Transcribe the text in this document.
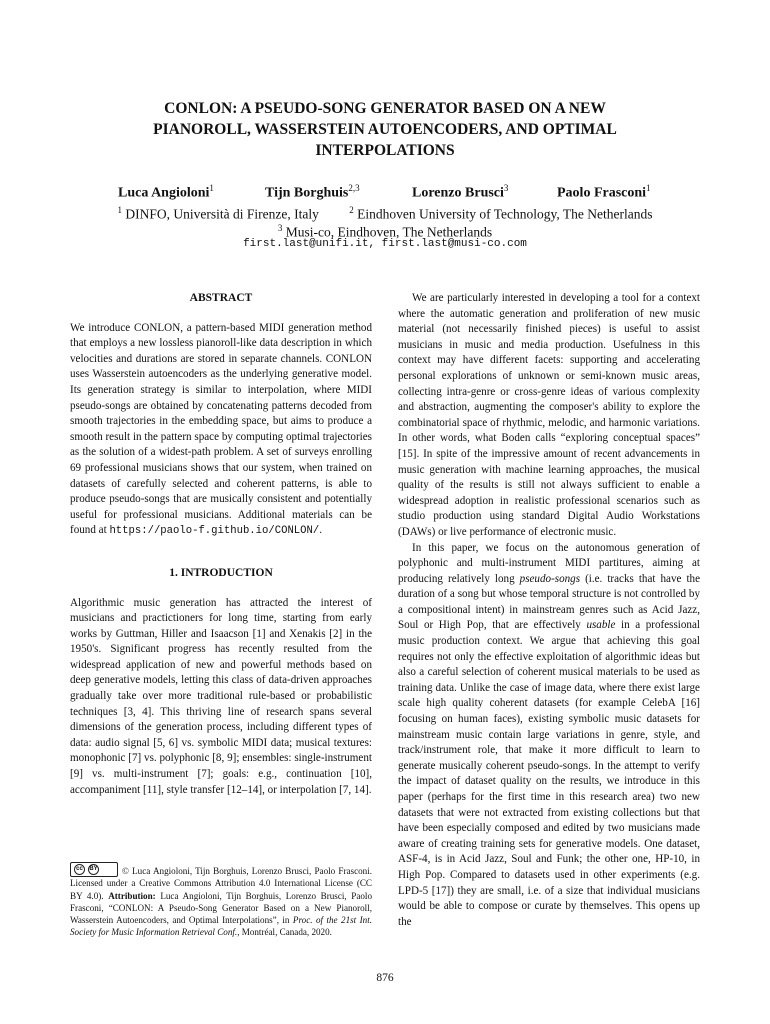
CONLON: A PSEUDO-SONG GENERATOR BASED ON A NEW
PIANOROLL, WASSERSTEIN AUTOENCODERS, AND OPTIMAL
INTERPOLATIONS
Luca Angioloni$^1$	Tijn Borghuis$^{2,3}$	Lorenzo Brusci$^3$	Paolo Frasconi$^1$
$^1$ DINFO, Università di Firenze, Italy	$^2$ Eindhoven University of Technology, The Netherlands
$^3$ Musi-co, Eindhoven, The Netherlands
first.last@unifi.it, first.last@musi-co.com
ABSTRACT

We introduce CONLON, a pattern-based MIDI generation method that employs a new lossless pianoroll-like data description in which velocities and durations are stored in separate channels. CONLON uses Wasserstein autoencoders as the underlying generative model. Its generation strategy is similar to interpolation, where MIDI pseudo-songs are obtained by concatenating patterns decoded from smooth trajectories in the embedding space, but aims to produce a smooth result in the pattern space by computing optimal trajectories as the solution of a widest-path problem. A set of surveys enrolling 69 professional musicians shows that our system, when trained on datasets of carefully selected and coherent patterns, is able to produce pseudo-songs that are musically consistent and potentially useful for professional musicians. Additional materials can be found at https://paolo-f.github.io/CONLON/.

1. INTRODUCTION

Algorithmic music generation has attracted the interest of musicians and practictioners for long time, starting from early works by Guttman, Hiller and Isaacson [1] and Xenakis [2] in the 1950's. Significant progress has recently resulted from the widespread application of new and powerful methods based on deep generative models, letting this class of data-driven approaches gradually take over more traditional rule-based or probabilistic techniques [3, 4]. This thriving line of research spans several dimensions of the generation process, including different types of data: audio signal [5, 6] vs. symbolic MIDI data; musical textures: monophonic [7] vs. polyphonic [8, 9]; ensembles: single-instrument [9] vs. multi-instrument [7]; goals: e.g., continuation [10], accompaniment [11], style transfer [12–14], or interpolation [7, 14].

cc	BY	© Luca Angioloni, Tijn Borghuis, Lorenzo Brusci, Paolo Frasconi. Licensed under a Creative Commons Attribution 4.0 International License (CC BY 4.0). Attribution: Luca Angioloni, Tijn Borghuis, Lorenzo Brusci, Paolo Frasconi, “CONLON: A Pseudo-Song Generator Based on a New Pianoroll, Wasserstein Autoencoders, and Optimal Interpolations”, in Proc. of the 21st Int. Society for Music Information Retrieval Conf., Montréal, Canada, 2020.

We are particularly interested in developing a tool for a context where the automatic generation and proliferation of new music material (not necessarily finished pieces) is useful to assist musicians in music and media production. Usefulness in this context may have different facets: supporting and accelerating personal explorations of unknown or semi-known music areas, collecting intra-genre or cross-genre ideas of various complexity and abstraction, augmenting the composer's ability to explore the combinatorial space of rhythmic, melodic, and harmonic variations. In other words, what Boden calls “exploring conceptual spaces” [15]. In spite of the impressive amount of recent advancements in music generation with machine learning approaches, the musical quality of the results is still not always sufficient to enable a widespread adoption in realistic professional scenarios such as studio production using standard Digital Audio Workstations (DAWs) or live performance of electronic music.

In this paper, we focus on the autonomous generation of polyphonic and multi-instrument MIDI partitures, aiming at producing relatively long pseudo-songs (i.e. tracks that have the duration of a song but whose temporal structure is not controlled by a compositional intent) in mainstream genres such as Acid Jazz, Soul or High Pop, that are effectively usable in a professional music production context. We argue that achieving this goal requires not only the effective exploitation of algorithmic ideas but also a careful selection of coherent musical materials to be used as training data. Unlike the case of image data, where there exist large scale high quality coherent datasets (for example CelebA [16] focusing on human faces), existing symbolic music datasets for mainstream music contain large variations in genre, style, and track/instrument role, that make it more difficult to learn to generate musically coherent pseudo-songs. In the attempt to verify the impact of dataset quality on the results, we introduce in this paper (perhaps for the first time in this research area) two new datasets that were not extracted from existing collections but that have been especially composed and edited by two musicians made aware of creating training sets for generative models. One dataset, ASF-4, is in Acid Jazz, Soul and Funk; the other one, HP-10, in High Pop. Compared to datasets used in other experiments (e.g. LPD-5 [17]) they are small, i.e. of a size that individual musicians would be able to compose or curate by themselves. This opens up the

876
